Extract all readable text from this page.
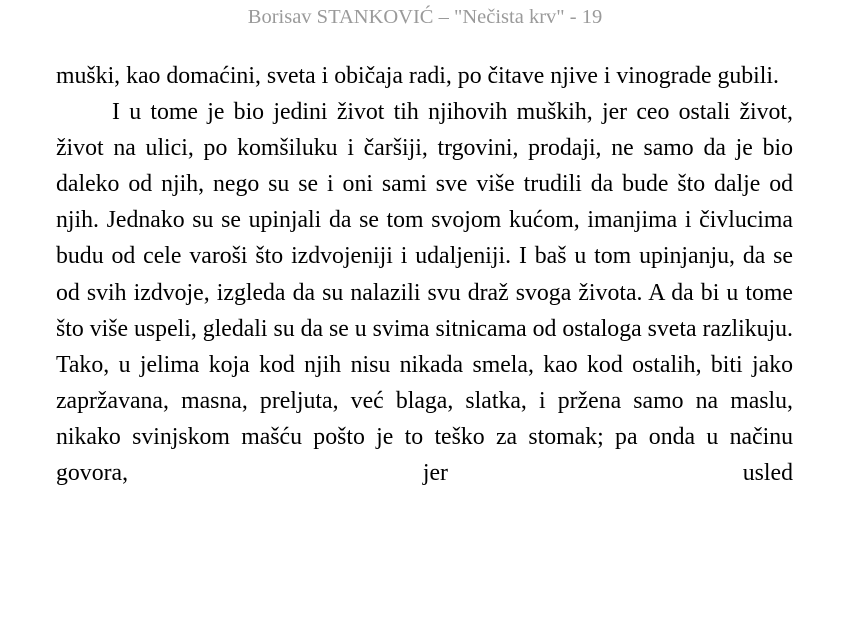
Borisav STANKOVIĆ – "Nečista krv" - 19

muški, kao domaćini, sveta i običaja radi, po čitave njive i vinograde gubili.

I u tome je bio jedini život tih njihovih muških, jer ceo ostali život, život na ulici, po komšiluku i čaršiji, trgovini, prodaji, ne samo da je bio daleko od njih, nego su se i oni sami sve više trudili da bude što dalje od njih. Jednako su se upinjali da se tom svojom kućom, imanjima i čivlucima budu od cele varoši što izdvojeniji i udaljeniji. I baš u tom upinjanju, da se od svih izdvoje, izgleda da su nalazili svu draž svoga života. A da bi u tome što više uspeli, gledali su da se u svima sitnicama od ostaloga sveta razlikuju. Tako, u jelima koja kod njih nisu nikada smela, kao kod ostalih, biti jako zapržavana, masna, preljuta, već blaga, slatka, i pržena samo na maslu, nikako svinjskom mašću pošto je to teško za stomak; pa onda u načinu govora, jer usled
